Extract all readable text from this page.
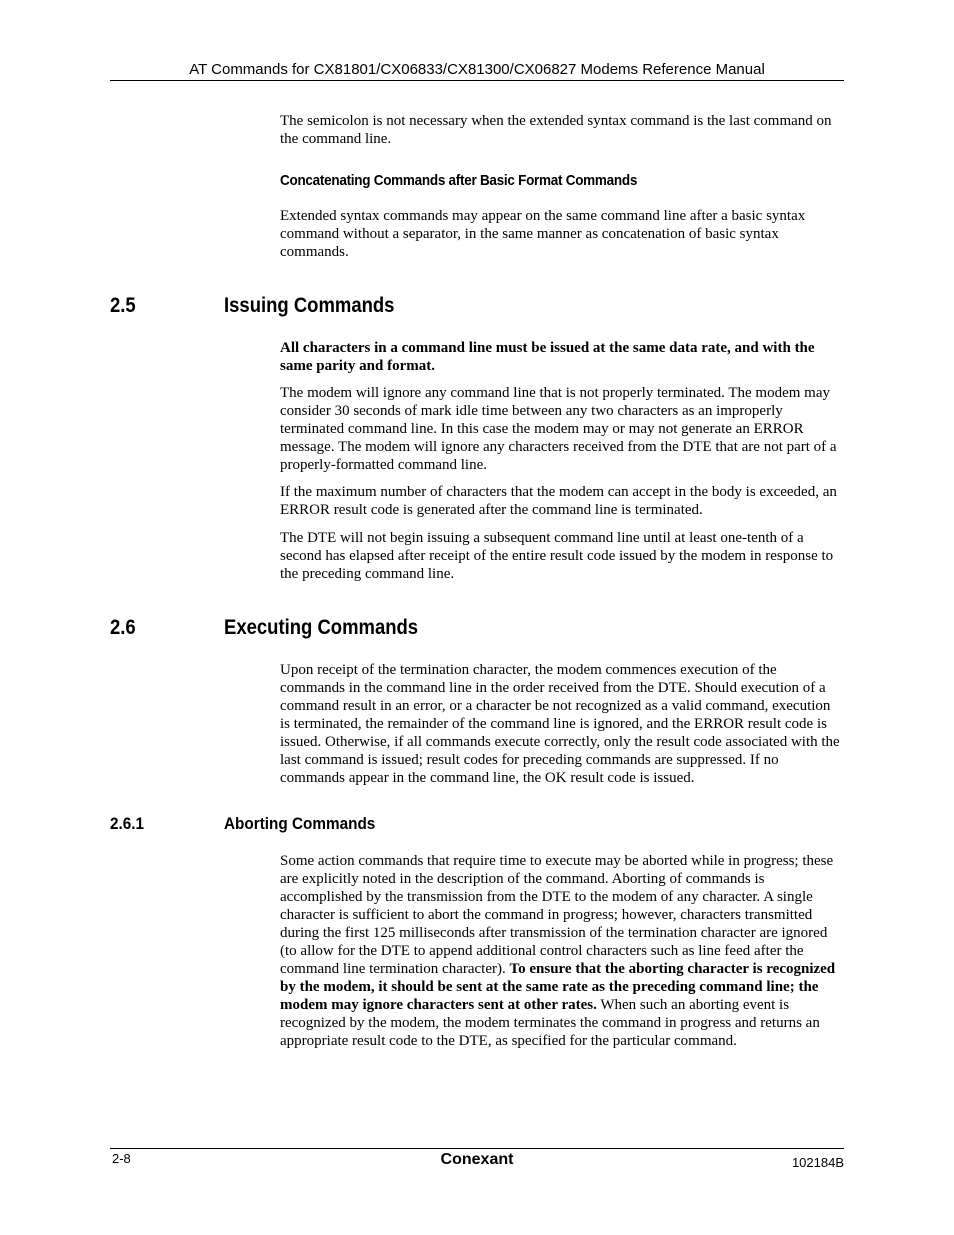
AT Commands for CX81801/CX06833/CX81300/CX06827 Modems Reference Manual

The semicolon is not necessary when the extended syntax command is the last command on the command line.

Concatenating Commands after Basic Format Commands

Extended syntax commands may appear on the same command line after a basic syntax command without a separator, in the same manner as concatenation of basic syntax commands.

2.5	Issuing Commands

All characters in a command line must be issued at the same data rate, and with the same parity and format.

The modem will ignore any command line that is not properly terminated. The modem may consider 30 seconds of mark idle time between any two characters as an improperly terminated command line. In this case the modem may or may not generate an ERROR message. The modem will ignore any characters received from the DTE that are not part of a properly-formatted command line.

If the maximum number of characters that the modem can accept in the body is exceeded, an ERROR result code is generated after the command line is terminated.

The DTE will not begin issuing a subsequent command line until at least one-tenth of a second has elapsed after receipt of the entire result code issued by the modem in response to the preceding command line.

2.6	Executing Commands

Upon receipt of the termination character, the modem commences execution of the commands in the command line in the order received from the DTE. Should execution of a command result in an error, or a character be not recognized as a valid command, execution is terminated, the remainder of the command line is ignored, and the ERROR result code is issued. Otherwise, if all commands execute correctly, only the result code associated with the last command is issued; result codes for preceding commands are suppressed. If no commands appear in the command line, the OK result code is issued.

2.6.1	Aborting Commands

Some action commands that require time to execute may be aborted while in progress; these are explicitly noted in the description of the command. Aborting of commands is accomplished by the transmission from the DTE to the modem of any character. A single character is sufficient to abort the command in progress; however, characters transmitted during the first 125 milliseconds after transmission of the termination character are ignored (to allow for the DTE to append additional control characters such as line feed after the command line termination character). To ensure that the aborting character is recognized by the modem, it should be sent at the same rate as the preceding command line; the modem may ignore characters sent at other rates. When such an aborting event is recognized by the modem, the modem terminates the command in progress and returns an appropriate result code to the DTE, as specified for the particular command.

2-8	Conexant	102184B
